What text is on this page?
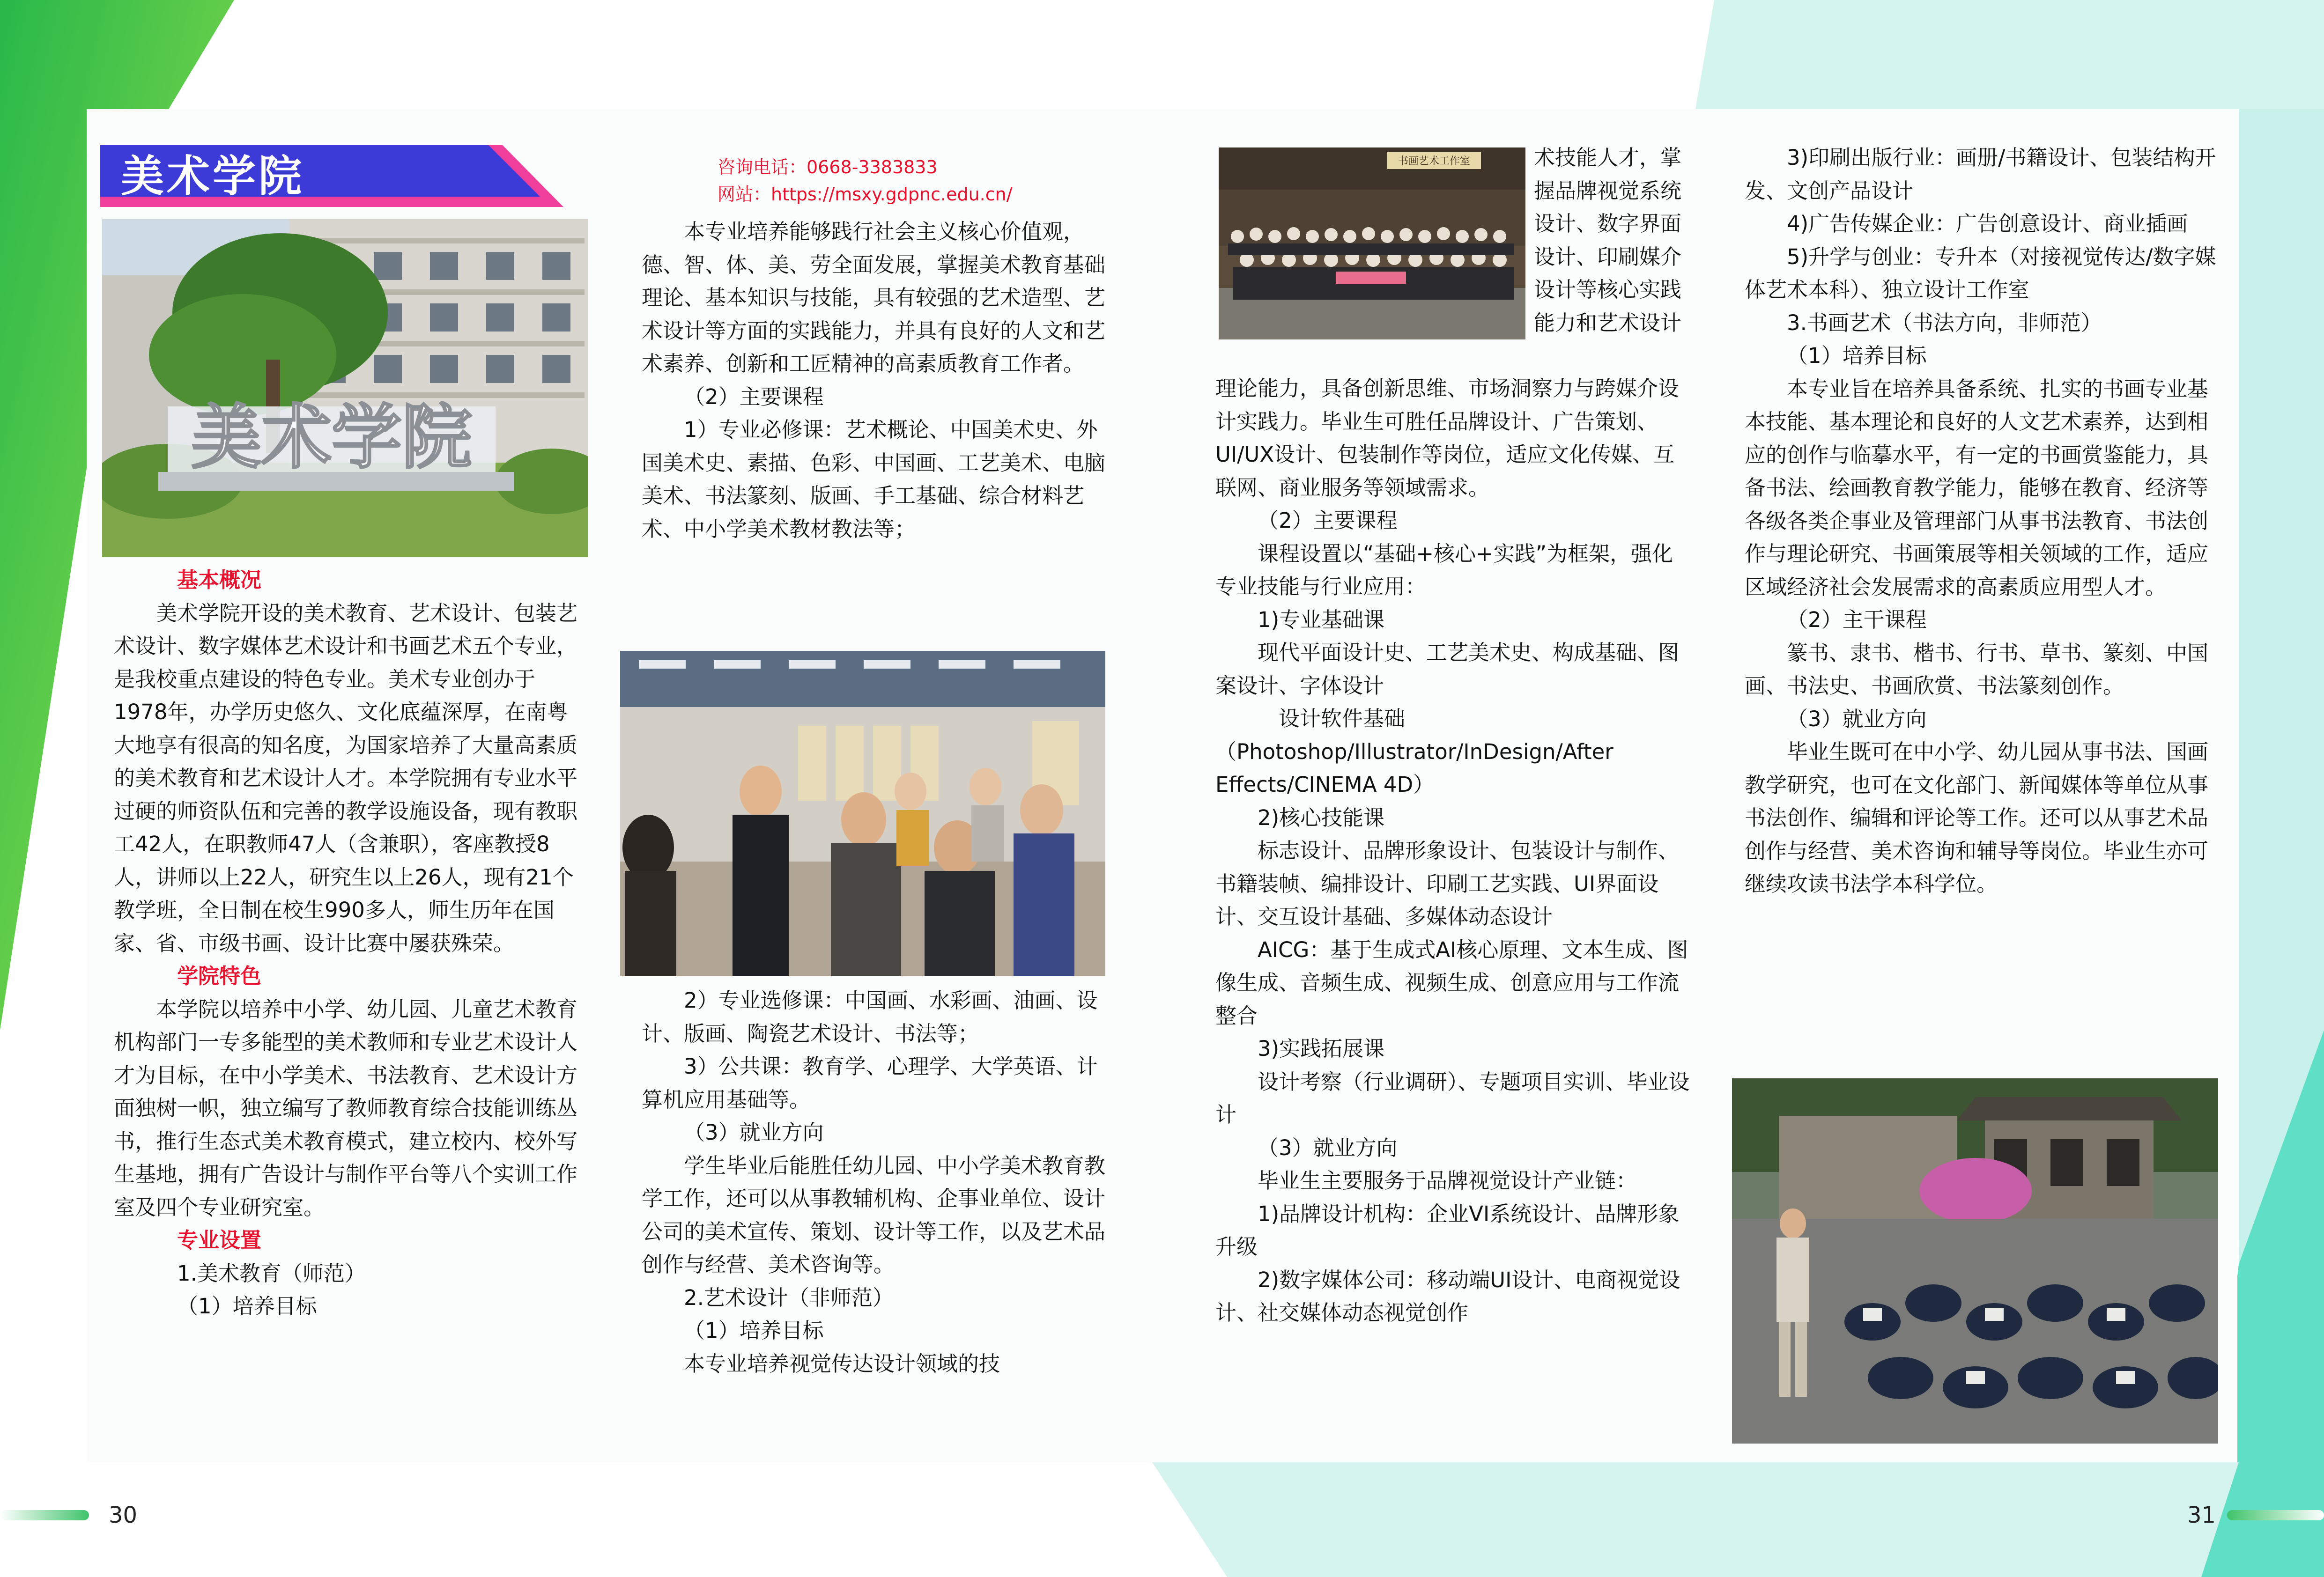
美术学院	咨询电话：0668-3383833
网站：https://msxy.gdpnc.edu.cn/
美术学院

基本概况

美术学院开设的美术教育、艺术设计、包装艺术设计、数字媒体艺术设计和书画艺术五个专业，是我校重点建设的特色专业。美术专业创办于1978年，办学历史悠久、文化底蕴深厚，在南粤大地享有很高的知名度，为国家培养了大量高素质的美术教育和艺术设计人才。本学院拥有专业水平过硬的师资队伍和完善的教学设施设备，现有教职工42人，在职教师47人（含兼职），客座教授8人，讲师以上22人，研究生以上26人，现有21个教学班，全日制在校生990多人，师生历年在国家、省、市级书画、设计比赛中屡获殊荣。

学院特色

本学院以培养中小学、幼儿园、儿童艺术教育机构部门一专多能型的美术教师和专业艺术设计人才为目标，在中小学美术、书法教育、艺术设计方面独树一帜，独立编写了教师教育综合技能训练丛书，推行生态式美术教育模式，建立校内、校外写生基地，拥有广告设计与制作平台等八个实训工作室及四个专业研究室。

专业设置

1.美术教育（师范）

（1）培养目标

本专业培养能够践行社会主义核心价值观，德、智、体、美、劳全面发展，掌握美术教育基础理论、基本知识与技能，具有较强的艺术造型、艺术设计等方面的实践能力，并具有良好的人文和艺术素养、创新和工匠精神的高素质教育工作者。

（2）主要课程

1）专业必修课：艺术概论、中国美术史、外国美术史、素描、色彩、中国画、工艺美术、电脑美术、书法篆刻、版画、手工基础、综合材料艺术、中小学美术教材教法等；

2）专业选修课：中国画、水彩画、油画、设计、版画、陶瓷艺术设计、书法等；

3）公共课：教育学、心理学、大学英语、计算机应用基础等。

（3）就业方向

学生毕业后能胜任幼儿园、中小学美术教育教学工作，还可以从事教辅机构、企事业单位、设计公司的美术宣传、策划、设计等工作，以及艺术品创作与经营、美术咨询等。

2.艺术设计（非师范）

（1）培养目标

本专业培养视觉传达设计领域的技

书画艺术工作室	术技能人才，掌握品牌视觉系统设计、数字界面设计、印刷媒介设计等核心实践能力和艺术设计

理论能力，具备创新思维、市场洞察力与跨媒介设计实践力。毕业生可胜任品牌设计、广告策划、UI/UX设计、包装制作等岗位，适应文化传媒、互联网、商业服务等领域需求。

（2）主要课程

课程设置以“基础+核心+实践”为框架，强化专业技能与行业应用：

1)专业基础课

现代平面设计史、工艺美术史、构成基础、图案设计、字体设计

设计软件基础

（Photoshop/Illustrator/InDesign/After Effects/CINEMA 4D）

2)核心技能课

标志设计、品牌形象设计、包装设计与制作、书籍装帧、编排设计、印刷工艺实践、UI界面设计、交互设计基础、多媒体动态设计

AICG：基于生成式AI核心原理、文本生成、图像生成、音频生成、视频生成、创意应用与工作流整合

3)实践拓展课

设计考察（行业调研）、专题项目实训、毕业设计

（3）就业方向

毕业生主要服务于品牌视觉设计产业链：

1)品牌设计机构：企业VI系统设计、品牌形象升级

2)数字媒体公司：移动端UI设计、电商视觉设计、社交媒体动态视觉创作

3)印刷出版行业：画册/书籍设计、包装结构开发、文创产品设计

4)广告传媒企业：广告创意设计、商业插画

5)升学与创业：专升本（对接视觉传达/数字媒体艺术本科）、独立设计工作室

3.书画艺术（书法方向，非师范）

（1）培养目标

本专业旨在培养具备系统、扎实的书画专业基本技能、基本理论和良好的人文艺术素养，达到相应的创作与临摹水平，有一定的书画赏鉴能力，具备书法、绘画教育教学能力，能够在教育、经济等各级各类企事业及管理部门从事书法教育、书法创作与理论研究、书画策展等相关领域的工作，适应区域经济社会发展需求的高素质应用型人才。

（2）主干课程

篆书、隶书、楷书、行书、草书、篆刻、中国画、书法史、书画欣赏、书法篆刻创作。

（3）就业方向

毕业生既可在中小学、幼儿园从事书法、国画教学研究，也可在文化部门、新闻媒体等单位从事书法创作、编辑和评论等工作。还可以从事艺术品创作与经营、美术咨询和辅导等岗位。毕业生亦可继续攻读书法学本科学位。

30	31
